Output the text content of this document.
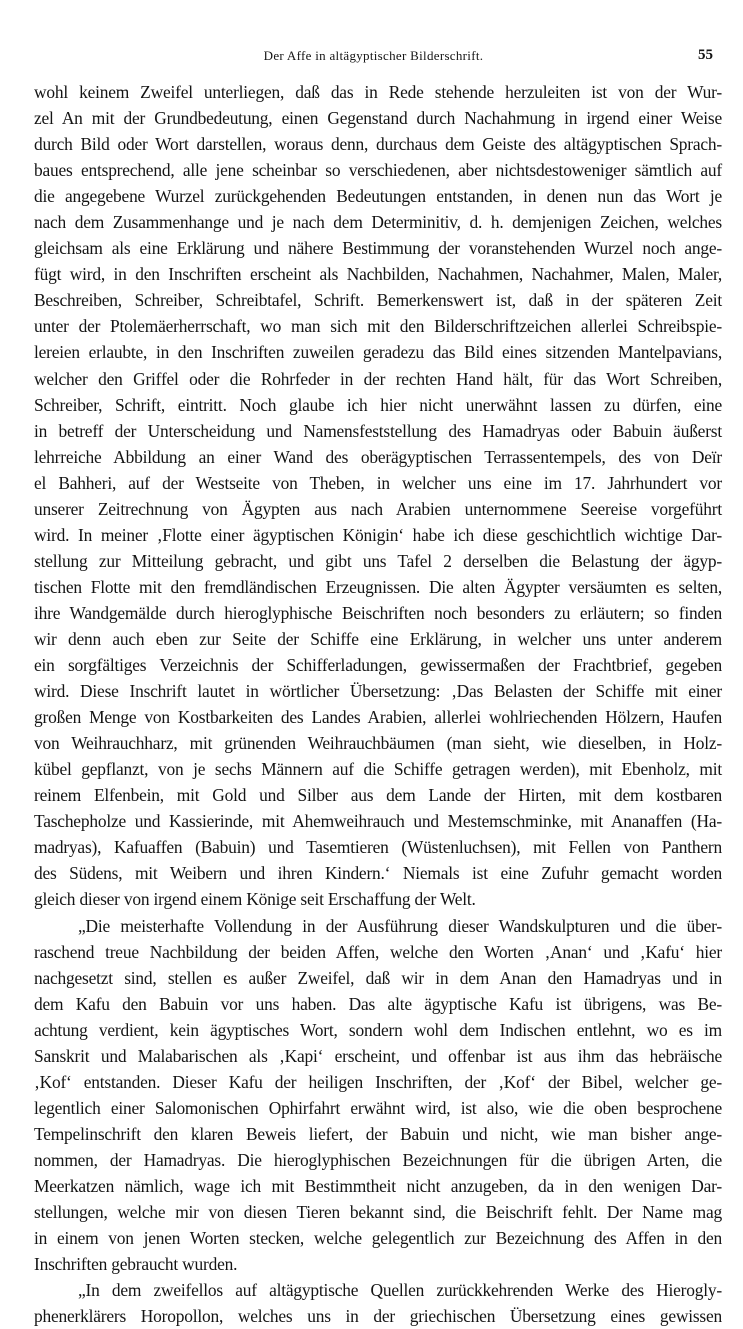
Der Affe in altägyptischer Bilderschrift.	55
wohl keinem Zweifel unterliegen, daß das in Rede stehende herzuleiten ist von der Wur-
zel An mit der Grundbedeutung, einen Gegenstand durch Nachahmung in irgend einer Weise
durch Bild oder Wort darstellen, woraus denn, durchaus dem Geiste des altägyptischen Sprach-
baues entsprechend, alle jene scheinbar so verschiedenen, aber nichtsdestoweniger sämtlich auf
die angegebene Wurzel zurückgehenden Bedeutungen entstanden, in denen nun das Wort je
nach dem Zusammenhange und je nach dem Determinitiv, d. h. demjenigen Zeichen, welches
gleichsam als eine Erklärung und nähere Bestimmung der voranstehenden Wurzel noch ange-
fügt wird, in den Inschriften erscheint als Nachbilden, Nachahmen, Nachahmer, Malen, Maler,
Beschreiben, Schreiber, Schreibtafel, Schrift. Bemerkenswert ist, daß in der späteren Zeit
unter der Ptolemäerherrschaft, wo man sich mit den Bilderschriftzeichen allerlei Schreibspie-
lereien erlaubte, in den Inschriften zuweilen geradezu das Bild eines sitzenden Mantelpavians,
welcher den Griffel oder die Rohrfeder in der rechten Hand hält, für das Wort Schreiben,
Schreiber, Schrift, eintritt. Noch glaube ich hier nicht unerwähnt lassen zu dürfen, eine
in betreff der Unterscheidung und Namensfeststellung des Hamadryas oder Babuin äußerst
lehrreiche Abbildung an einer Wand des oberägyptischen Terrassentempels, des von Deïr
el Bahheri, auf der Westseite von Theben, in welcher uns eine im 17. Jahrhundert vor
unserer Zeitrechnung von Ägypten aus nach Arabien unternommene Seereise vorgeführt
wird. In meiner ‚Flotte einer ägyptischen Königin‘ habe ich diese geschichtlich wichtige Dar-
stellung zur Mitteilung gebracht, und gibt uns Tafel 2 derselben die Belastung der ägyp-
tischen Flotte mit den fremdländischen Erzeugnissen. Die alten Ägypter versäumten es selten,
ihre Wandgemälde durch hieroglyphische Beischriften noch besonders zu erläutern; so finden
wir denn auch eben zur Seite der Schiffe eine Erklärung, in welcher uns unter anderem
ein sorgfältiges Verzeichnis der Schifferladungen, gewissermaßen der Frachtbrief, gegeben
wird. Diese Inschrift lautet in wörtlicher Übersetzung: ‚Das Belasten der Schiffe mit einer
großen Menge von Kostbarkeiten des Landes Arabien, allerlei wohlriechenden Hölzern, Haufen
von Weihrauchharz, mit grünenden Weihrauchbäumen (man sieht, wie dieselben, in Holz-
kübel gepflanzt, von je sechs Männern auf die Schiffe getragen werden), mit Ebenholz, mit
reinem Elfenbein, mit Gold und Silber aus dem Lande der Hirten, mit dem kostbaren
Taschepholze und Kassierinde, mit Ahemweihrauch und Mestemschminke, mit Ananaffen (Ha-
madryas), Kafuaffen (Babuin) und Tasemtieren (Wüstenluchsen), mit Fellen von Panthern
des Südens, mit Weibern und ihren Kindern.‘ Niemals ist eine Zufuhr gemacht worden
gleich dieser von irgend einem Könige seit Erschaffung der Welt.
„Die meisterhafte Vollendung in der Ausführung dieser Wandskulpturen und die über-
raschend treue Nachbildung der beiden Affen, welche den Worten ‚Anan‘ und ‚Kafu‘ hier
nachgesetzt sind, stellen es außer Zweifel, daß wir in dem Anan den Hamadryas und in
dem Kafu den Babuin vor uns haben. Das alte ägyptische Kafu ist übrigens, was Be-
achtung verdient, kein ägyptisches Wort, sondern wohl dem Indischen entlehnt, wo es im
Sanskrit und Malabarischen als ‚Kapi‘ erscheint, und offenbar ist aus ihm das hebräische
‚Kof‘ entstanden. Dieser Kafu der heiligen Inschriften, der ‚Kof‘ der Bibel, welcher ge-
legentlich einer Salomonischen Ophirfahrt erwähnt wird, ist also, wie die oben besprochene
Tempelinschrift den klaren Beweis liefert, der Babuin und nicht, wie man bisher ange-
nommen, der Hamadryas. Die hieroglyphischen Bezeichnungen für die übrigen Arten, die
Meerkatzen nämlich, wage ich mit Bestimmtheit nicht anzugeben, da in den wenigen Dar-
stellungen, welche mir von diesen Tieren bekannt sind, die Beischrift fehlt. Der Name mag
in einem von jenen Worten stecken, welche gelegentlich zur Bezeichnung des Affen in den
Inschriften gebraucht wurden.
„In dem zweifellos auf altägyptische Quellen zurückkehrenden Werke des Hierogly-
phenerklärers Horopollon, welches uns in der griechischen Übersetzung eines gewissen
